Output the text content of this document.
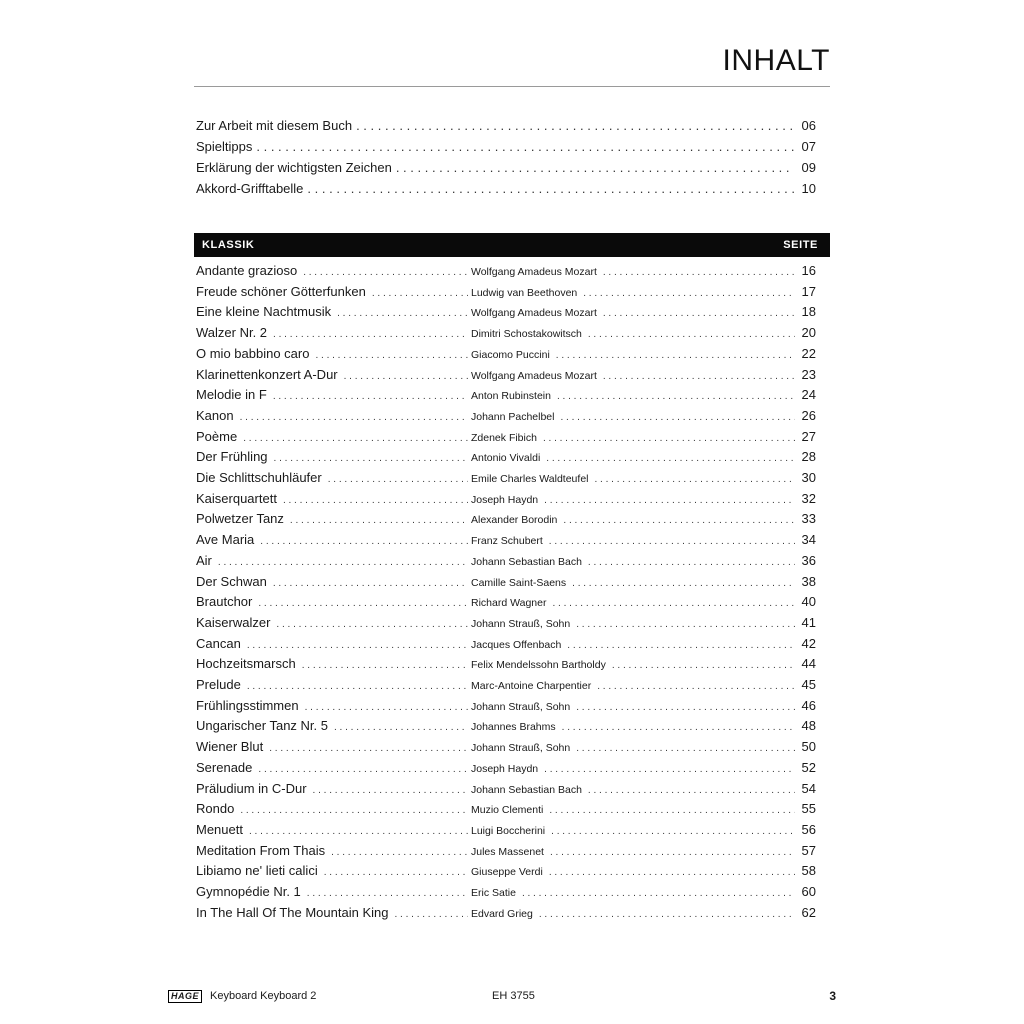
INHALT
Zur Arbeit mit diesem Buch . . .	06
Spieltipps . . .	07
Erklärung der wichtigsten Zeichen . . .	09
Akkord-Grifftabelle . . .	10
KLASSIK	SEITE
Andante grazioso . . .	Wolfgang Amadeus Mozart . . .	16
Freude schöner Götterfunken . . .	Ludwig van Beethoven . . .	17
Eine kleine Nachtmusik . . .	Wolfgang Amadeus Mozart . . .	18
Walzer Nr. 2 . . .	Dimitri Schostakowitsch . . .	20
O mio babbino caro . . .	Giacomo Puccini . . .	22
Klarinettenkonzert A-Dur . . .	Wolfgang Amadeus Mozart . . .	23
Melodie in F . . .	Anton Rubinstein . . .	24
Kanon . . .	Johann Pachelbel . . .	26
Poème . . .	Zdenek Fibich . . .	27
Der Frühling . . .	Antonio Vivaldi . . .	28
Die Schlittschuhläufer . . .	Emile Charles Waldteufel . . .	30
Kaiserquartett . . .	Joseph Haydn . . .	32
Polwetzer Tanz . . .	Alexander Borodin . . .	33
Ave Maria . . .	Franz Schubert . . .	34
Air . . .	Johann Sebastian Bach . . .	36
Der Schwan . . .	Camille Saint-Saens . . .	38
Brautchor . . .	Richard Wagner . . .	40
Kaiserwalzer . . .	Johann Strauß, Sohn . . .	41
Cancan . . .	Jacques Offenbach . . .	42
Hochzeitsmarsch . . .	Felix Mendelssohn Bartholdy . . .	44
Prelude . . .	Marc-Antoine Charpentier . . .	45
Frühlingsstimmen . . .	Johann Strauß, Sohn . . .	46
Ungarischer Tanz Nr. 5 . . .	Johannes Brahms . . .	48
Wiener Blut . . .	Johann Strauß, Sohn . . .	50
Serenade . . .	Joseph Haydn . . .	52
Präludium in C-Dur . . .	Johann Sebastian Bach . . .	54
Rondo . . .	Muzio Clementi . . .	55
Menuett . . .	Luigi Boccherini . . .	56
Meditation From Thais . . .	Jules Massenet . . .	57
Libiamo ne' lieti calici . . .	Giuseppe Verdi . . .	58
Gymnopédie Nr. 1 . . .	Eric Satie . . .	60
In The Hall Of The Mountain King . . .	Edvard Grieg . . .	62
HAGE Keyboard Keyboard 2	EH 3755	3
